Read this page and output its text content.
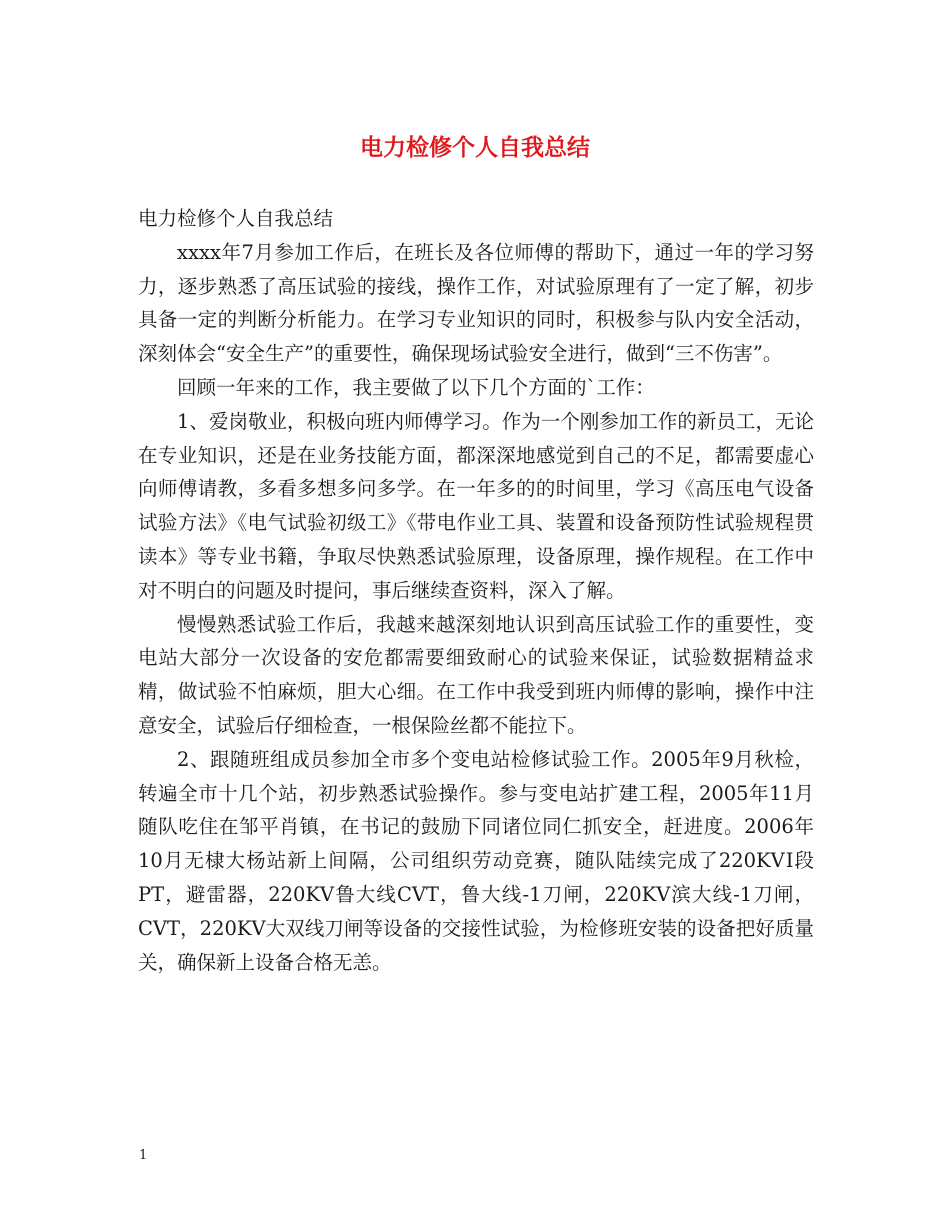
电力检修个人自我总结

电力检修个人自我总结

xxxx年7月参加工作后，在班长及各位师傅的帮助下，通过一年的学习努力，逐步熟悉了高压试验的接线，操作工作，对试验原理有了一定了解，初步具备一定的判断分析能力。在学习专业知识的同时，积极参与队内安全活动，深刻体会“安全生产”的重要性，确保现场试验安全进行，做到“三不伤害”。

回顾一年来的工作，我主要做了以下几个方面的`工作：

1、爱岗敬业，积极向班内师傅学习。作为一个刚参加工作的新员工，无论在专业知识，还是在业务技能方面，都深深地感觉到自己的不足，都需要虚心向师傅请教，多看多想多问多学。在一年多的的时间里，学习《高压电气设备试验方法》《电气试验初级工》《带电作业工具、装置和设备预防性试验规程贯读本》等专业书籍，争取尽快熟悉试验原理，设备原理，操作规程。在工作中对不明白的问题及时提问，事后继续查资料，深入了解。

慢慢熟悉试验工作后，我越来越深刻地认识到高压试验工作的重要性，变电站大部分一次设备的安危都需要细致耐心的试验来保证，试验数据精益求精，做试验不怕麻烦，胆大心细。在工作中我受到班内师傅的影响，操作中注意安全，试验后仔细检查，一根保险丝都不能拉下。

2、跟随班组成员参加全市多个变电站检修试验工作。2005年9月秋检，转遍全市十几个站，初步熟悉试验操作。参与变电站扩建工程，2005年11月随队吃住在邹平肖镇，在书记的鼓励下同诸位同仁抓安全，赶进度。2006年10月无棣大杨站新上间隔，公司组织劳动竞赛，随队陆续完成了220KVⅠ段PT，避雷器，220KV鲁大线CVT，鲁大线-1刀闸，220KV滨大线-1刀闸，CVT，220KV大双线刀闸等设备的交接性试验，为检修班安装的设备把好质量关，确保新上设备合格无恙。

1
